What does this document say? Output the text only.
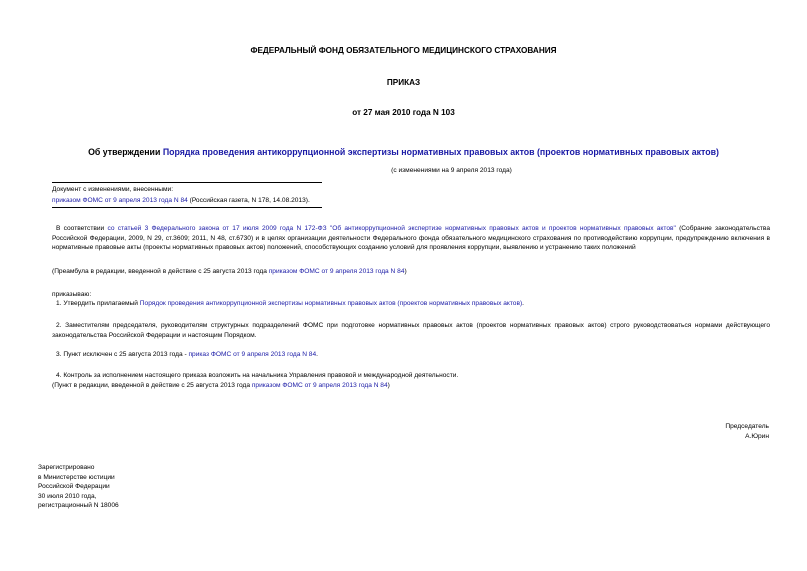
ФЕДЕРАЛЬНЫЙ ФОНД ОБЯЗАТЕЛЬНОГО МЕДИЦИНСКОГО СТРАХОВАНИЯ
ПРИКАЗ
от 27 мая 2010 года N 103
Об утверждении Порядка проведения антикоррупционной экспертизы нормативных правовых актов (проектов нормативных правовых актов)
(с изменениями на 9 апреля 2013 года)
Документ с изменениями, внесенными:
приказом ФОМС от 9 апреля 2013 года N 84 (Российская газета, N 178, 14.08.2013).
В соответствии со статьей 3 Федерального закона от 17 июля 2009 года N 172-ФЗ "Об антикоррупционной экспертизе нормативных правовых актов и проектов нормативных правовых актов" (Собрание законодательства Российской Федерации, 2009, N 29, ст.3609; 2011, N 48, ст.6730) и в целях организации деятельности Федерального фонда обязательного медицинского страхования по противодействию коррупции, предупреждению включения в нормативные правовые акты (проекты нормативных правовых актов) положений, способствующих созданию условий для проявления коррупции, выявлению и устранению таких положений
(Преамбула в редакции, введенной в действие с 25 августа 2013 года приказом ФОМС от 9 апреля 2013 года N 84)
приказываю:
1. Утвердить прилагаемый Порядок проведения антикоррупционной экспертизы нормативных правовых актов (проектов нормативных правовых актов).
2. Заместителям председателя, руководителям структурных подразделений ФОМС при подготовке нормативных правовых актов (проектов нормативных правовых актов) строго руководствоваться нормами действующего законодательства Российской Федерации и настоящим Порядком.
3. Пункт исключен с 25 августа 2013 года - приказ ФОМС от 9 апреля 2013 года N 84.
4. Контроль за исполнением настоящего приказа возложить на начальника Управления правовой и международной деятельности.
(Пункт в редакции, введенной в действие с 25 августа 2013 года приказом ФОМС от 9 апреля 2013 года N 84)
Председатель
А.Юрин
Зарегистрировано
в Министерстве юстиции
Российской Федерации
30 июля 2010 года,
регистрационный N 18006
